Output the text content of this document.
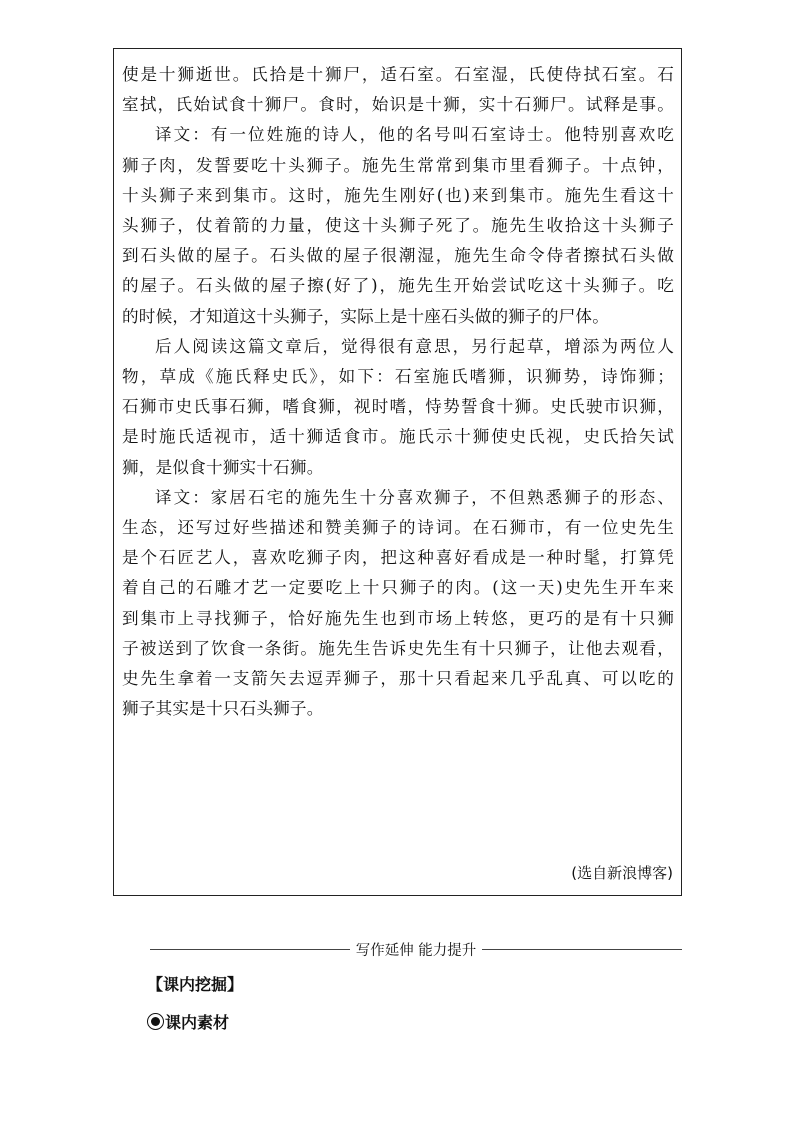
使是十狮逝世。氏拾是十狮尸，适石室。石室湿，氏使侍拭石室。石
室拭，氏始试食十狮尸。食时，始识是十狮，实十石狮尸。试释是事。
译文：有一位姓施的诗人，他的名号叫石室诗士。他特别喜欢吃
狮子肉，发誓要吃十头狮子。施先生常常到集市里看狮子。十点钟，
十头狮子来到集市。这时，施先生刚好(也)来到集市。施先生看这十
头狮子，仗着箭的力量，使这十头狮子死了。施先生收拾这十头狮子
到石头做的屋子。石头做的屋子很潮湿，施先生命令侍者擦拭石头做
的屋子。石头做的屋子擦(好了)，施先生开始尝试吃这十头狮子。吃
的时候，才知道这十头狮子，实际上是十座石头做的狮子的尸体。
后人阅读这篇文章后，觉得很有意思，另行起草，增添为两位人
物，草成《施氏释史氏》，如下：石室施氏嗜狮，识狮势，诗饰狮；
石狮市史氏事石狮，嗜食狮，视时嗜，恃势誓食十狮。史氏驶市识狮，
是时施氏适视市，适十狮适食市。施氏示十狮使史氏视，史氏拾矢试
狮，是似食十狮实十石狮。
译文：家居石宅的施先生十分喜欢狮子，不但熟悉狮子的形态、
生态，还写过好些描述和赞美狮子的诗词。在石狮市，有一位史先生
是个石匠艺人，喜欢吃狮子肉，把这种喜好看成是一种时髦，打算凭
着自己的石雕才艺一定要吃上十只狮子的肉。(这一天)史先生开车来
到集市上寻找狮子，恰好施先生也到市场上转悠，更巧的是有十只狮
子被送到了饮食一条街。施先生告诉史先生有十只狮子，让他去观看，
史先生拿着一支箭矢去逗弄狮子，那十只看起来几乎乱真、可以吃的
狮子其实是十只石头狮子。
(选自新浪博客)
写作延伸 能力提升
【课内挖掘】
课内素材
